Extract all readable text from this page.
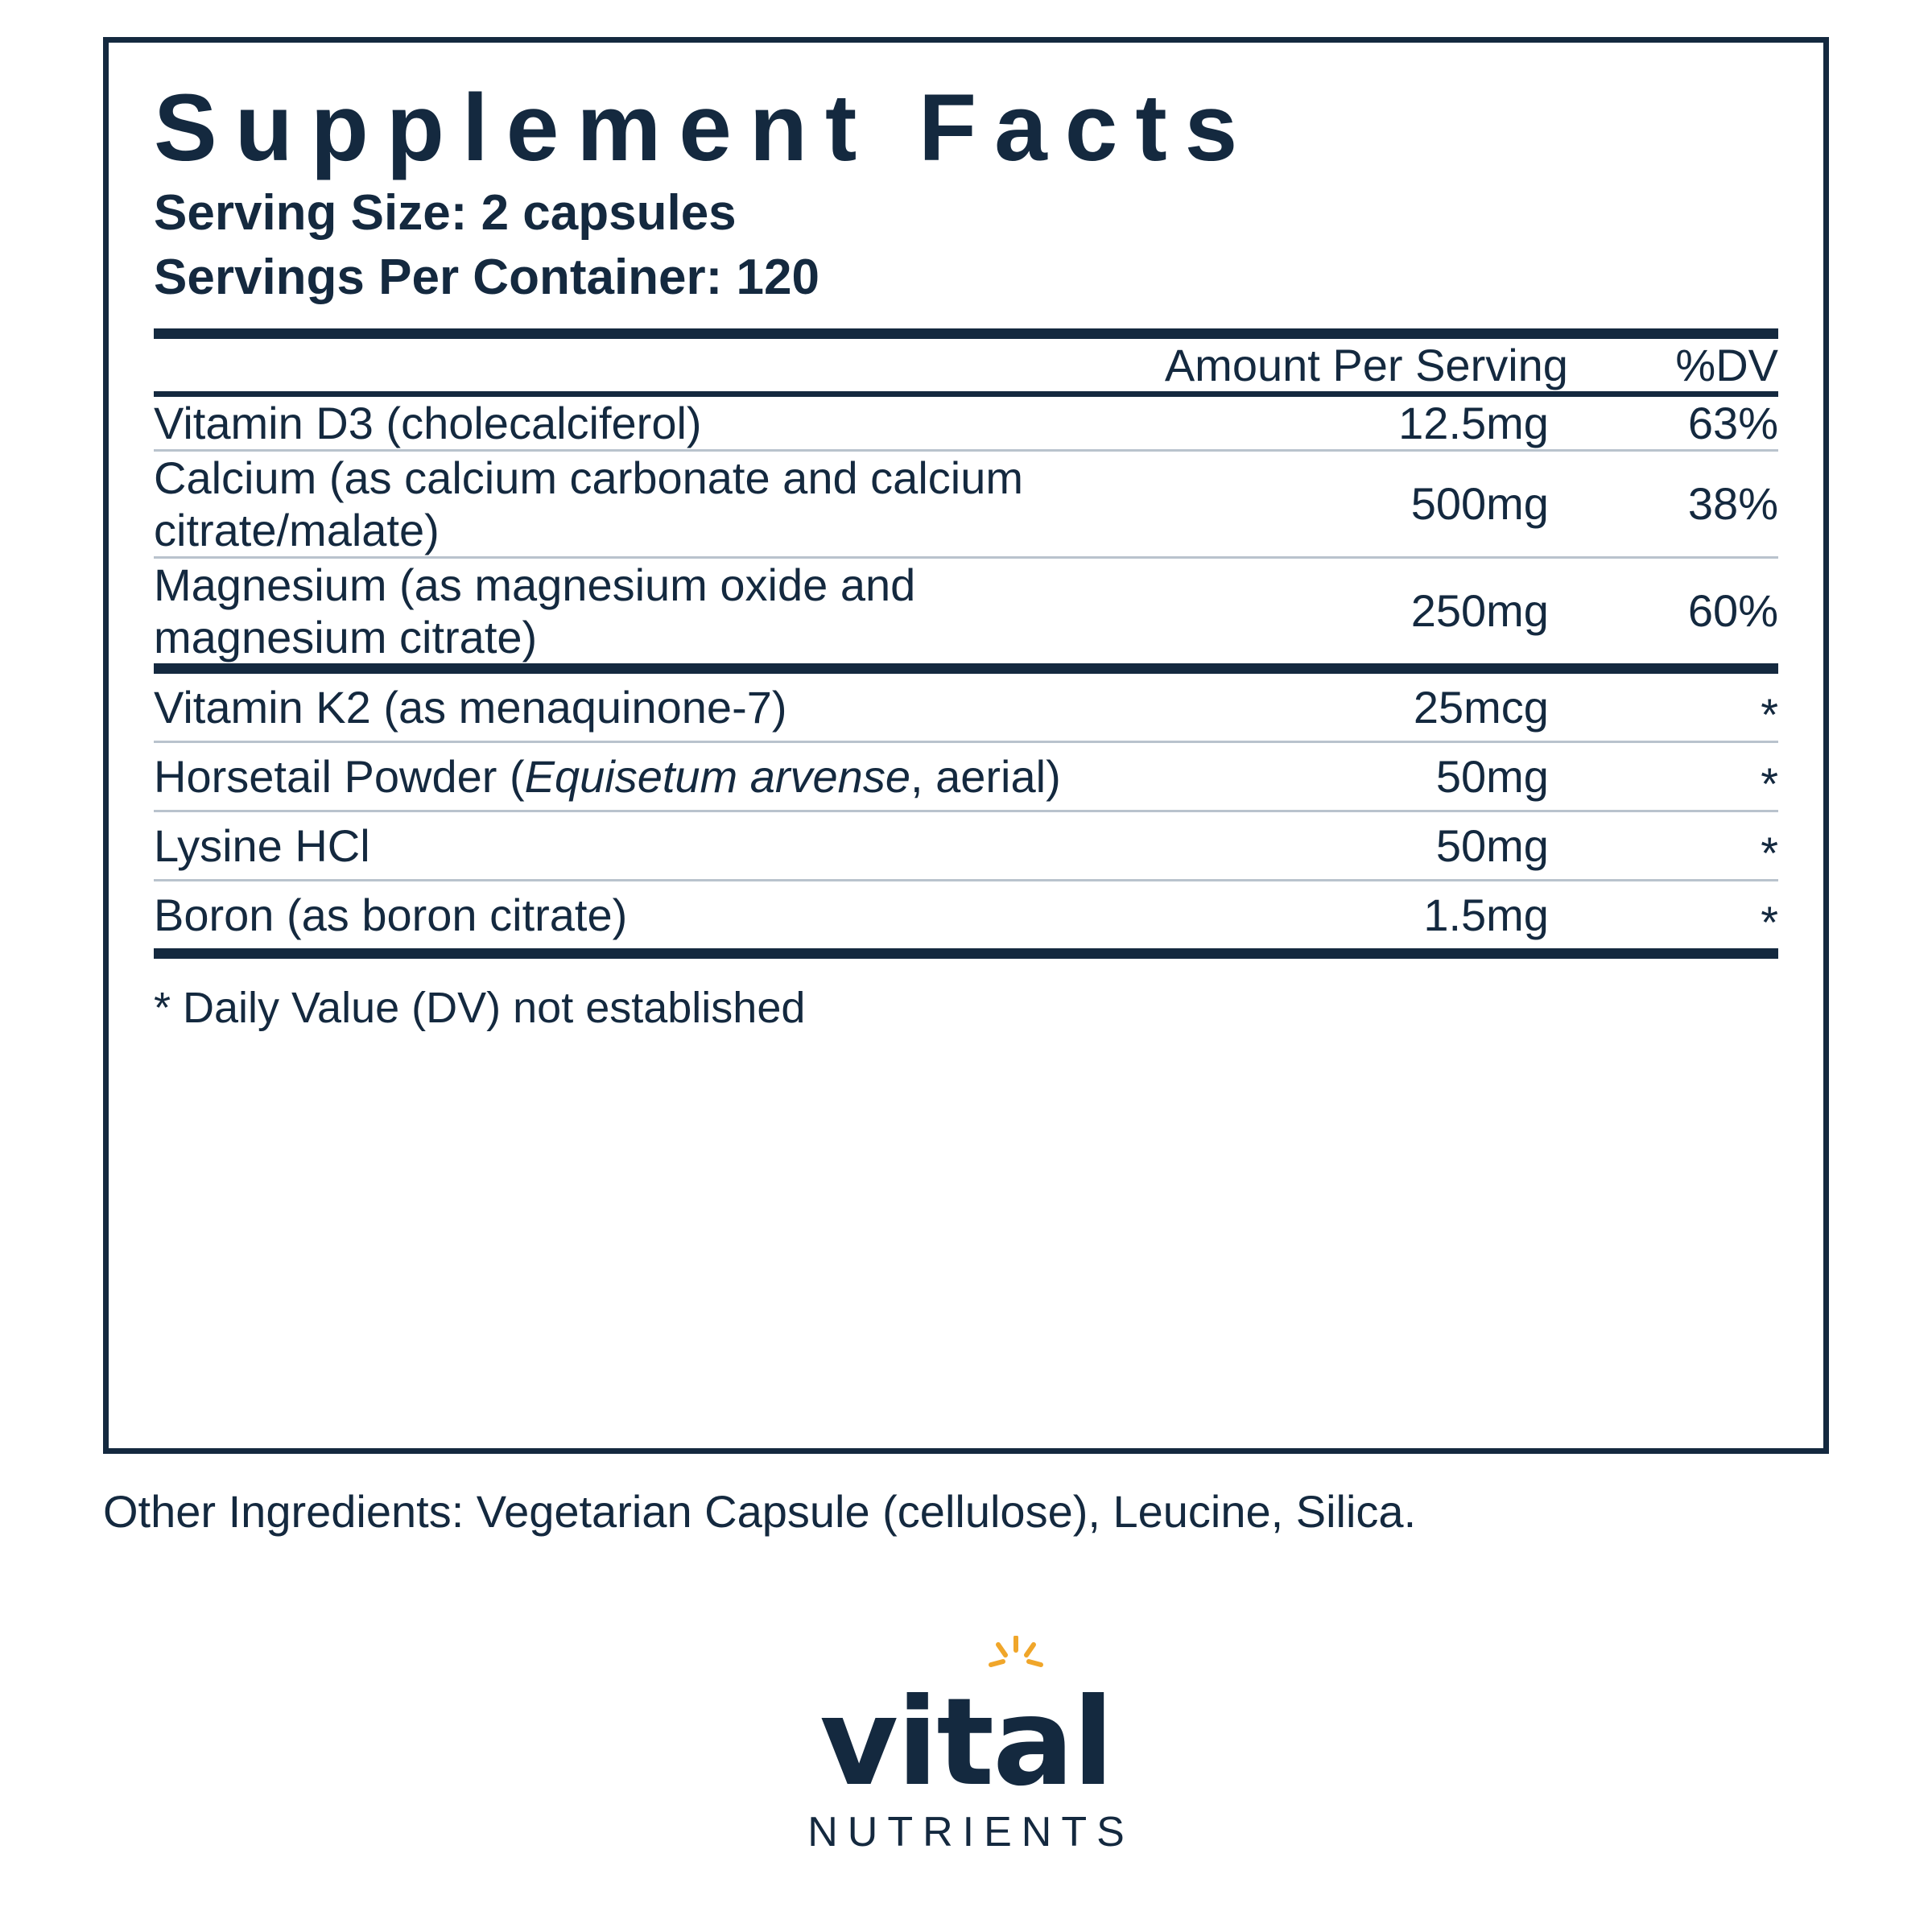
Supplement Facts
Serving Size: 2 capsules
Servings Per Container: 120
	Amount Per Serving	%DV

Vitamin D3 (cholecalciferol)	12.5mg	63%

Calcium (as calcium carbonate and calcium citrate/malate)	500mg	38%

Magnesium (as magnesium oxide and magnesium citrate)	250mg	60%

Vitamin K2 (as menaquinone-7)	25mcg	*

Horsetail Powder (Equisetum arvense, aerial)	50mg	*

Lysine HCl	50mg	*

Boron (as boron citrate)	1.5mg	*

* Daily Value (DV) not established
Other Ingredients: Vegetarian Capsule (cellulose), Leucine, Silica.
vital
NUTRIENTS
